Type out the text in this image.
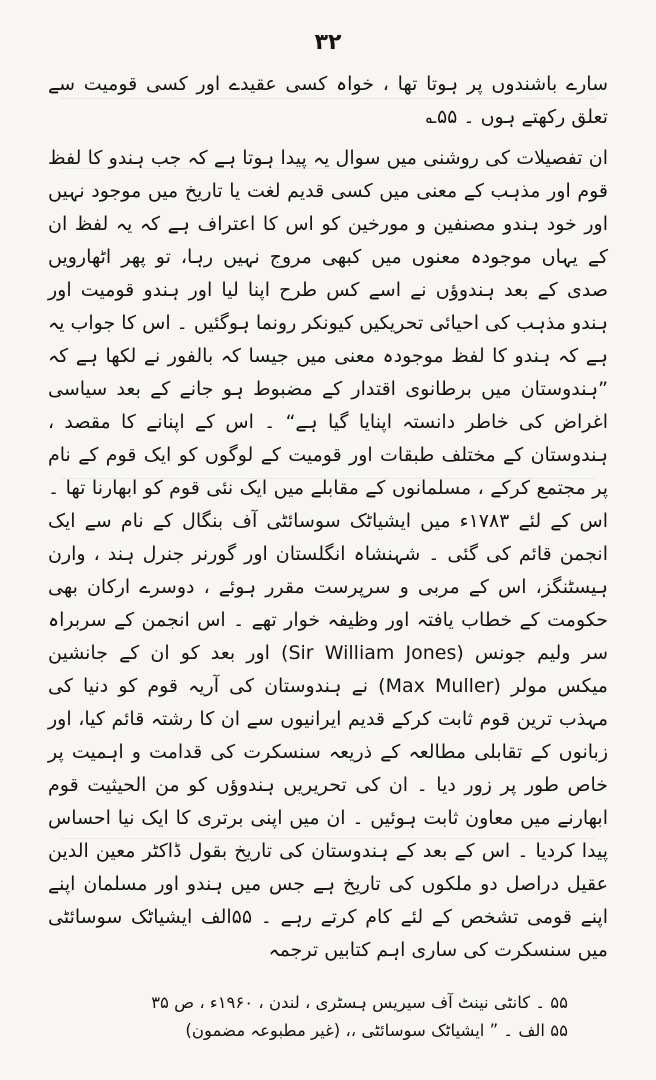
۳۲

سارے باشندوں پر ہوتا تھا ، خواہ کسی عقیدے اور کسی قومیت سے تعلق رکھتے ہوں ۔ ۵۵؎

ان تفصیلات کی روشنی میں سوال یہ پیدا ہوتا ہے کہ جب ہندو کا لفظ قوم اور مذہب کے معنی میں کسی قدیم لغت یا تاریخ میں موجود نہیں اور خود ہندو مصنفین و مورخین کو اس کا اعتراف ہے کہ یہ لفظ ان کے یہاں موجودہ معنوں میں کبھی مروج نہیں رہا، تو پھر اٹھارویں صدی کے بعد ہندوؤں نے اسے کس طرح اپنا لیا اور ہندو قومیت اور ہندو مذہب کی احیائی تحریکیں کیونکر رونما ہوگئیں ۔ اس کا جواب یہ ہے کہ ہندو کا لفظ موجودہ معنی میں جیسا کہ بالفور نے لکھا ہے کہ ”ہندوستان میں برطانوی اقتدار کے مضبوط ہو جانے کے بعد سیاسی اغراض کی خاطر دانستہ اپنایا گیا ہے“ ۔ اس کے اپنانے کا مقصد ، ہندوستان کے مختلف طبقات اور قومیت کے لوگوں کو ایک قوم کے نام پر مجتمع کرکے ، مسلمانوں کے مقابلے میں ایک نئی قوم کو ابھارنا تھا ۔ اس کے لئے ۱۷۸۳ء میں ایشیاٹک سوسائٹی آف بنگال کے نام سے ایک انجمن قائم کی گئی ۔ شہنشاہ انگلستان اور گورنر جنرل ہند ، وارن ہیسٹنگز، اس کے مربی و سرپرست مقرر ہوئے ، دوسرے ارکان بھی حکومت کے خطاب یافتہ اور وظیفہ خوار تھے ۔ اس انجمن کے سربراہ سر ولیم جونس (Sir William Jones) اور بعد کو ان کے جانشین میکس مولر (Max Muller) نے ہندوستان کی آریہ قوم کو دنیا کی مہذب ترین قوم ثابت کرکے قدیم ایرانیوں سے ان کا رشتہ قائم کیا، اور زبانوں کے تقابلی مطالعہ کے ذریعہ سنسکرت کی قدامت و اہمیت پر خاص طور پر زور دیا ۔ ان کی تحریریں ہندوؤں کو من الحیثیت قوم ابھارنے میں معاون ثابت ہوئیں ۔ ان میں اپنی برتری کا ایک نیا احساس پیدا کردیا ۔ اس کے بعد کے ہندوستان کی تاریخ بقول ڈاکٹر معین الدین عقیل دراصل دو ملکوں کی تاریخ ہے جس میں ہندو اور مسلمان اپنے اپنے قومی تشخص کے لئے کام کرتے رہے ۔ ۵۵الف ایشیاٹک سوسائٹی میں سنسکرت کی ساری اہم کتابیں ترجمہ

۵۵ ۔ کانٹی نینٹ آف سیریس ہسٹری ، لندن ، ۱۹۶۰ء ، ص ۳۵

۵۵ الف ۔ ” ایشیاٹک سوسائٹی ،، (غیر مطبوعہ مضمون)
